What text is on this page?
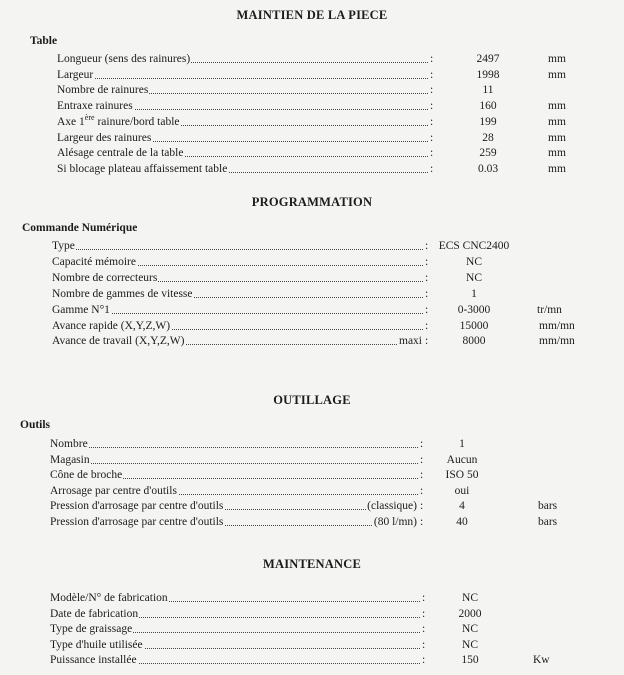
MAINTIEN DE LA PIECE
Table
Longueur (sens des rainures)	:	2497	mm
Largeur	:	1998	mm
Nombre de rainures	:	11
Entraxe rainures	:	160	mm
Axe 1ère rainure/bord table	:	199	mm
Largeur des rainures	:	28	mm
Alésage centrale de la table	:	259	mm
Si blocage plateau affaissement table	:	0.03	mm
PROGRAMMATION
Commande Numérique
Type	: ECS CNC2400
Capacité mémoire	:	NC
Nombre de correcteurs	:	NC
Nombre de gammes de vitesse	:	1
Gamme N°1	:	0-3000	tr/mn
Avance rapide (X,Y,Z,W)	:	15000	mm/mn
Avance de travail (X,Y,Z,W)	maxi :	8000	mm/mn
OUTILLAGE
Outils
Nombre	:	1
Magasin	: Aucun
Cône de broche	: ISO 50
Arrosage par centre d'outils	:	oui
Pression d'arrosage par centre d'outils	(classique) :	4	bars
Pression d'arrosage par centre d'outils	(80 l/mn) :	40	bars
MAINTENANCE
Modèle/N° de fabrication	:	NC
Date de fabrication	:	2000
Type de graissage	:	NC
Type d'huile utilisée	:	NC
Puissance installée	:	150	Kw
